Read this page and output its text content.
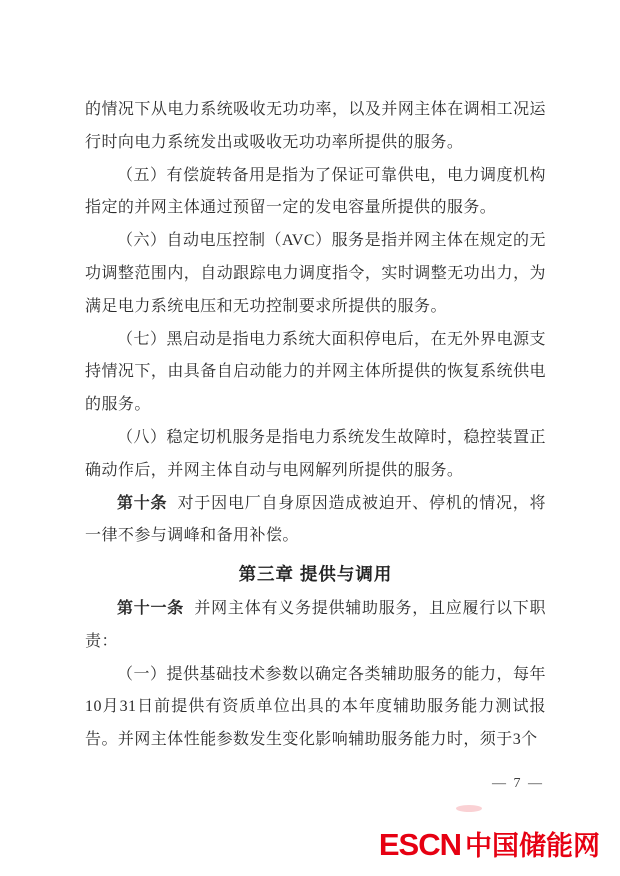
的情况下从电力系统吸收无功功率，以及并网主体在调相工况运行时向电力系统发出或吸收无功功率所提供的服务。

（五）有偿旋转备用是指为了保证可靠供电，电力调度机构指定的并网主体通过预留一定的发电容量所提供的服务。

（六）自动电压控制（AVC）服务是指并网主体在规定的无功调整范围内，自动跟踪电力调度指令，实时调整无功出力，为满足电力系统电压和无功控制要求所提供的服务。

（七）黑启动是指电力系统大面积停电后，在无外界电源支持情况下，由具备自启动能力的并网主体所提供的恢复系统供电的服务。

（八）稳定切机服务是指电力系统发生故障时，稳控装置正确动作后，并网主体自动与电网解列所提供的服务。

第十条 对于因电厂自身原因造成被迫开、停机的情况，将一律不参与调峰和备用补偿。

第三章 提供与调用

第十一条 并网主体有义务提供辅助服务，且应履行以下职责：

（一）提供基础技术参数以确定各类辅助服务的能力，每年10月31日前提供有资质单位出具的本年度辅助服务能力测试报告。并网主体性能参数发生变化影响辅助服务能力时，须于3个

— 7 —
ESCN 中国储能网
